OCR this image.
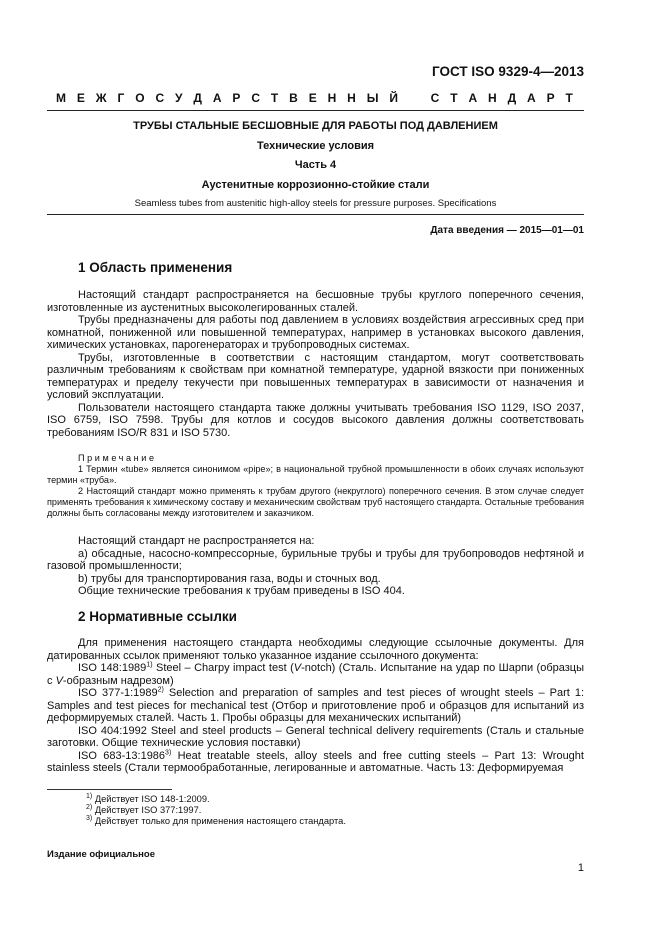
ГОСТ ISO 9329-4—2013
М Е Ж Г О С У Д А Р С Т В Е Н Н Ы Й	С Т А Н Д А Р Т
ТРУБЫ СТАЛЬНЫЕ БЕСШОВНЫЕ ДЛЯ РАБОТЫ ПОД ДАВЛЕНИЕМ
Технические условия
Часть 4
Аустенитные коррозионно-стойкие стали
Seamless tubes from austenitic high-alloy steels for pressure purposes. Specifications
Дата введения — 2015—01—01
1 Область применения

Настоящий стандарт распространяется на бесшовные трубы круглого поперечного сечения, изготовленные из аустенитных высоколегированных сталей.

Трубы предназначены для работы под давлением в условиях воздействия агрессивных сред при комнатной, пониженной или повышенной температурах, например в установках высокого давления, химических установках, парогенераторах и трубопроводных системах.

Трубы, изготовленные в соответствии с настоящим стандартом, могут соответствовать различным требованиям к свойствам при комнатной температуре, ударной вязкости при пониженных температурах и пределу текучести при повышенных температурах в зависимости от назначения и условий эксплуатации.

Пользователи настоящего стандарта также должны учитывать требования ISO 1129, ISO 2037, ISO 6759, ISO 7598. Трубы для котлов и сосудов высокого давления должны соответствовать требованиям ISO/R 831 и ISO 5730.

Примечание

1 Термин «tube» является синонимом «pipe»; в национальной трубной промышленности в обоих случаях используют термин «труба».

2 Настоящий стандарт можно применять к трубам другого (некруглого) поперечного сечения. В этом случае следует применять требования к химическому составу и механическим свойствам труб настоящего стандарта. Остальные требования должны быть согласованы между изготовителем и заказчиком.

Настоящий стандарт не распространяется на:

а) обсадные, насосно-компрессорные, бурильные трубы и трубы для трубопроводов нефтяной и газовой промышленности;

b) трубы для транспортирования газа, воды и сточных вод.

Общие технические требования к трубам приведены в ISO 404.

2 Нормативные ссылки

Для применения настоящего стандарта необходимы следующие ссылочные документы. Для датированных ссылок применяют только указанное издание ссылочного документа:

ISO 148:1989$^{1)}$ Steel – Charpy impact test (V-notch) (Сталь. Испытание на удар по Шарпи (образцы с V-образным надрезом)

ISO 377-1:1989$^{2)}$ Selection and preparation of samples and test pieces of wrought steels – Part 1: Samples and test pieces for mechanical test (Отбор и приготовление проб и образцов для испытаний из деформируемых сталей. Часть 1. Пробы образцы для механических испытаний)

ISO 404:1992 Steel and steel products – General technical delivery requirements (Сталь и стальные заготовки. Общие технические условия поставки)

ISO 683-13:1986$^{3)}$ Heat treatable steels, alloy steels and free cutting steels – Part 13: Wrought stainless steels (Стали термообработанные, легированные и автоматные. Часть 13: Деформируемая

$^{1)}$ Действует ISO 148-1:2009.
$^{2)}$ Действует ISO 377:1997.
$^{3)}$ Действует только для применения настоящего стандарта.
Издание официальное
1
